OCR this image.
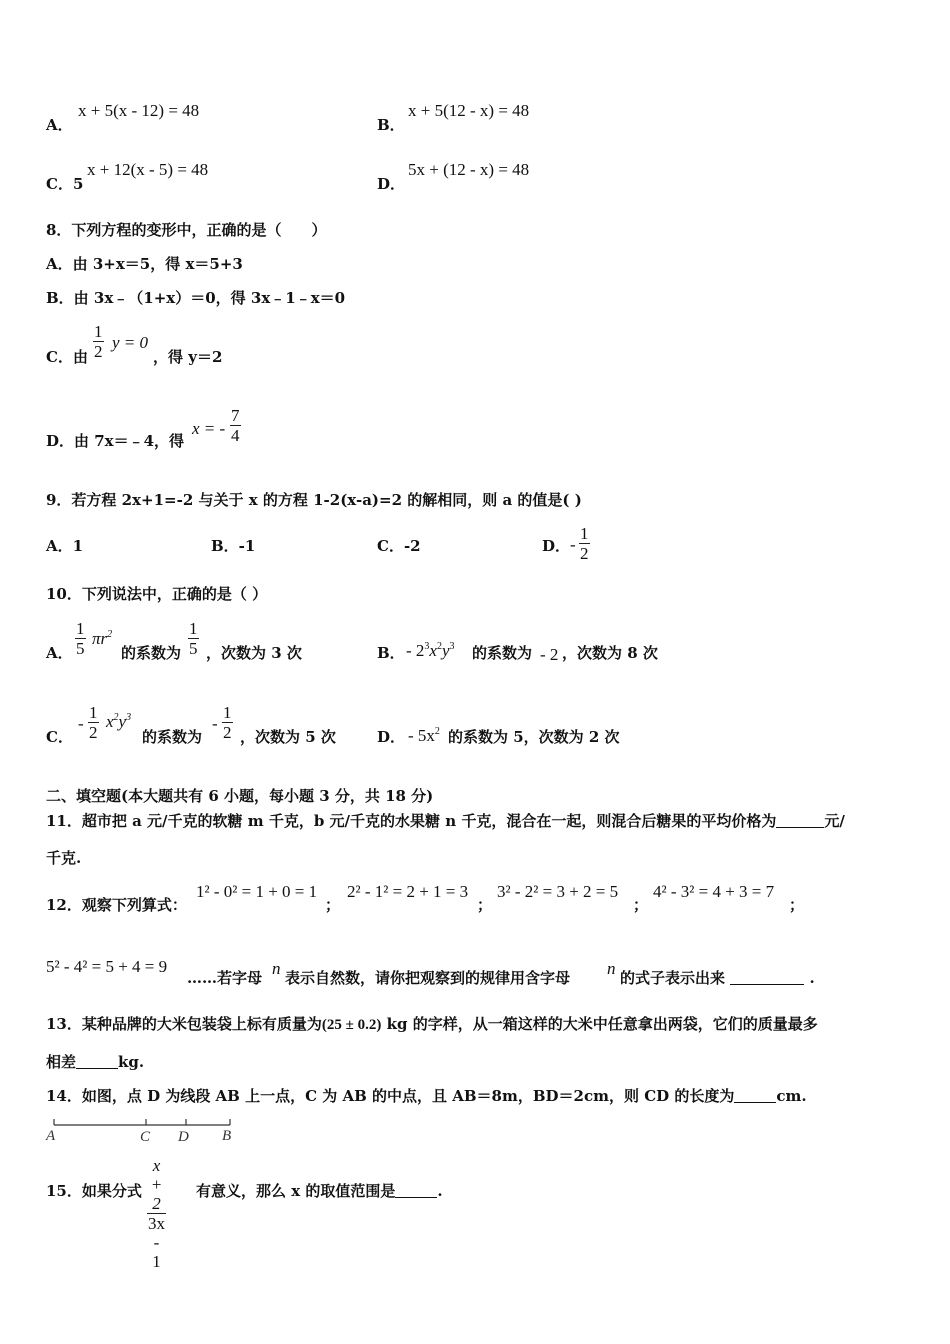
A．
x + 5(x - 12) = 48
B．
x + 5(12 - x) = 48
C．5
x + 12(x - 5) = 48
D．
5x + (12 - x) = 48
8．下列方程的变形中，正确的是（　　）
A．由 3+x＝5，得 x＝5+3
B．由 3x﹣（1+x）＝0，得 3x﹣1﹣x＝0
C．由 $\frac{1}{2}$ y = 0
，得 y＝2
D．由 7x＝﹣4，得
x = - $\frac{7}{4}$
9．若方程 2x+1=-2 与关于 x 的方程 1-2(x-a)=2 的解相同，则 a 的值是( )
A．1	B．-1	C．-2	D． - $\frac{1}{2}$
10．下列说法中，正确的是（ ）
A． $\frac{1}{5} \pi r^2$
的系数为 $\frac{1}{5}$ ，次数为 3 次	B． - $2^3x^2y^3$ 的系数为 - 2 ，次数为 8 次
C．
- $\frac{1}{2} x^2y^3$
的系数为
- $\frac{1}{2}$ ，次数为 5 次	D． - $5x^2$ 的系数为 5，次数为 2 次
二、填空题(本大题共有 6 小题，每小题 3 分，共 18 分)
11．超市把 a 元/千克的软糖 m 千克，b 元/千克的水果糖 n 千克，混合在一起，则混合后糖果的平均价格为	元/
千克.
12．观察下列算式：
1² - 0² = 1 + 0 = 1
；
2² - 1² = 2 + 1 = 3
；
3² - 2² = 3 + 2 = 5
；
4² - 3² = 4 + 3 = 7
；
5² - 4² = 5 + 4 = 9
……若字母 n 表示自然数，请你把观察到的规律用含字母 n 的式子表示出来	.
13．某种品牌的大米包装袋上标有质量为(25 ± 0.2) kg 的字样，从一箱这样的大米中任意拿出两袋，它们的质量最多
相差	kg.
14．如图，点 D 为线段 AB 上一点，C 为 AB 的中点，且 AB＝8m，BD＝2cm，则 CD 的长度为	cm.
A	C D B
15．如果分式 $\frac{x + 2}{3x - 1}$ 有意义，那么 x 的取值范围是	.
